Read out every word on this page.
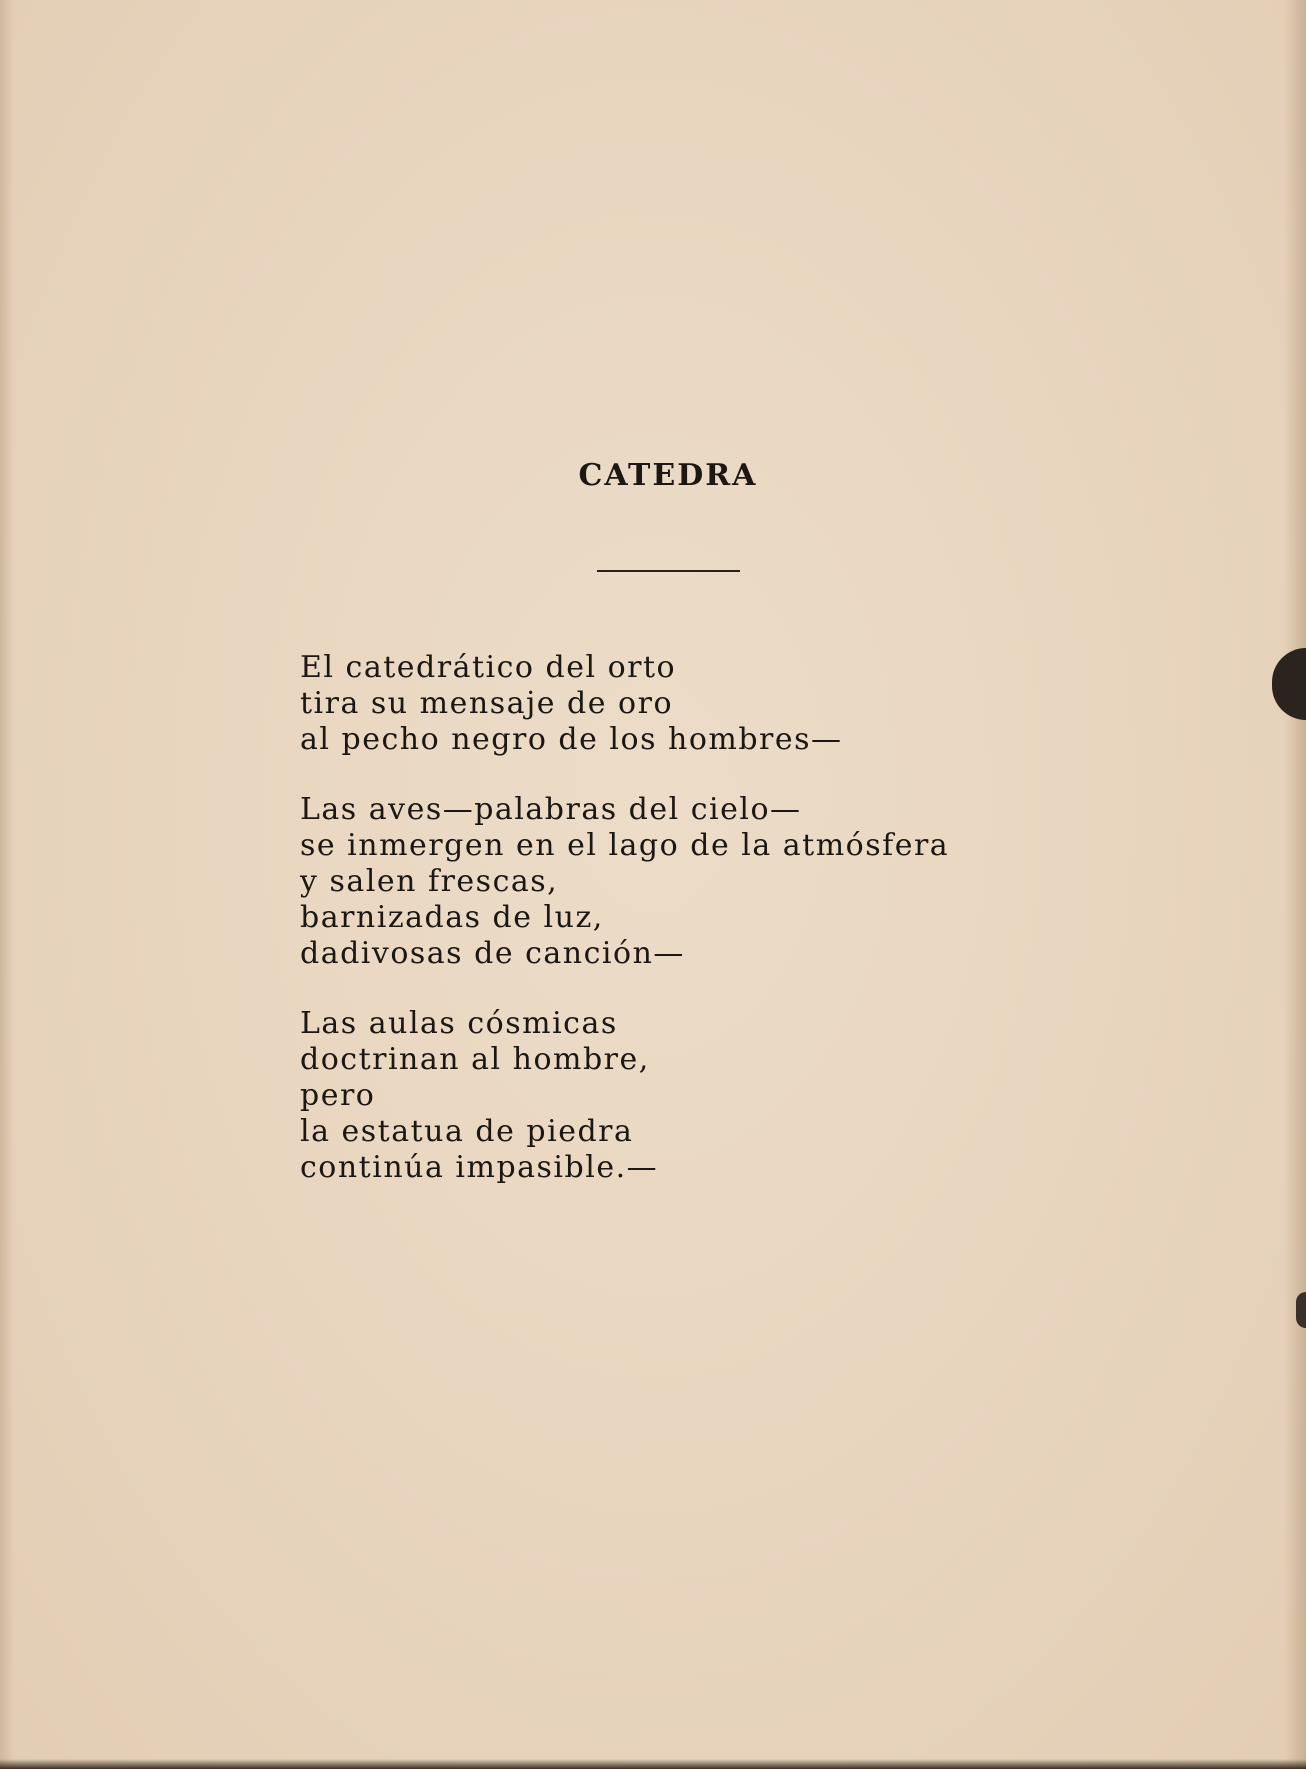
CATEDRA
El catedrático del orto
tira su mensaje de oro
al pecho negro de los hombres—
Las aves—palabras del cielo—
se inmergen en el lago de la atmósfera
y salen frescas,
barnizadas de luz,
dadivosas de canción—
Las aulas cósmicas
doctrinan al hombre,
pero
la estatua de piedra
continúa impasible.—
